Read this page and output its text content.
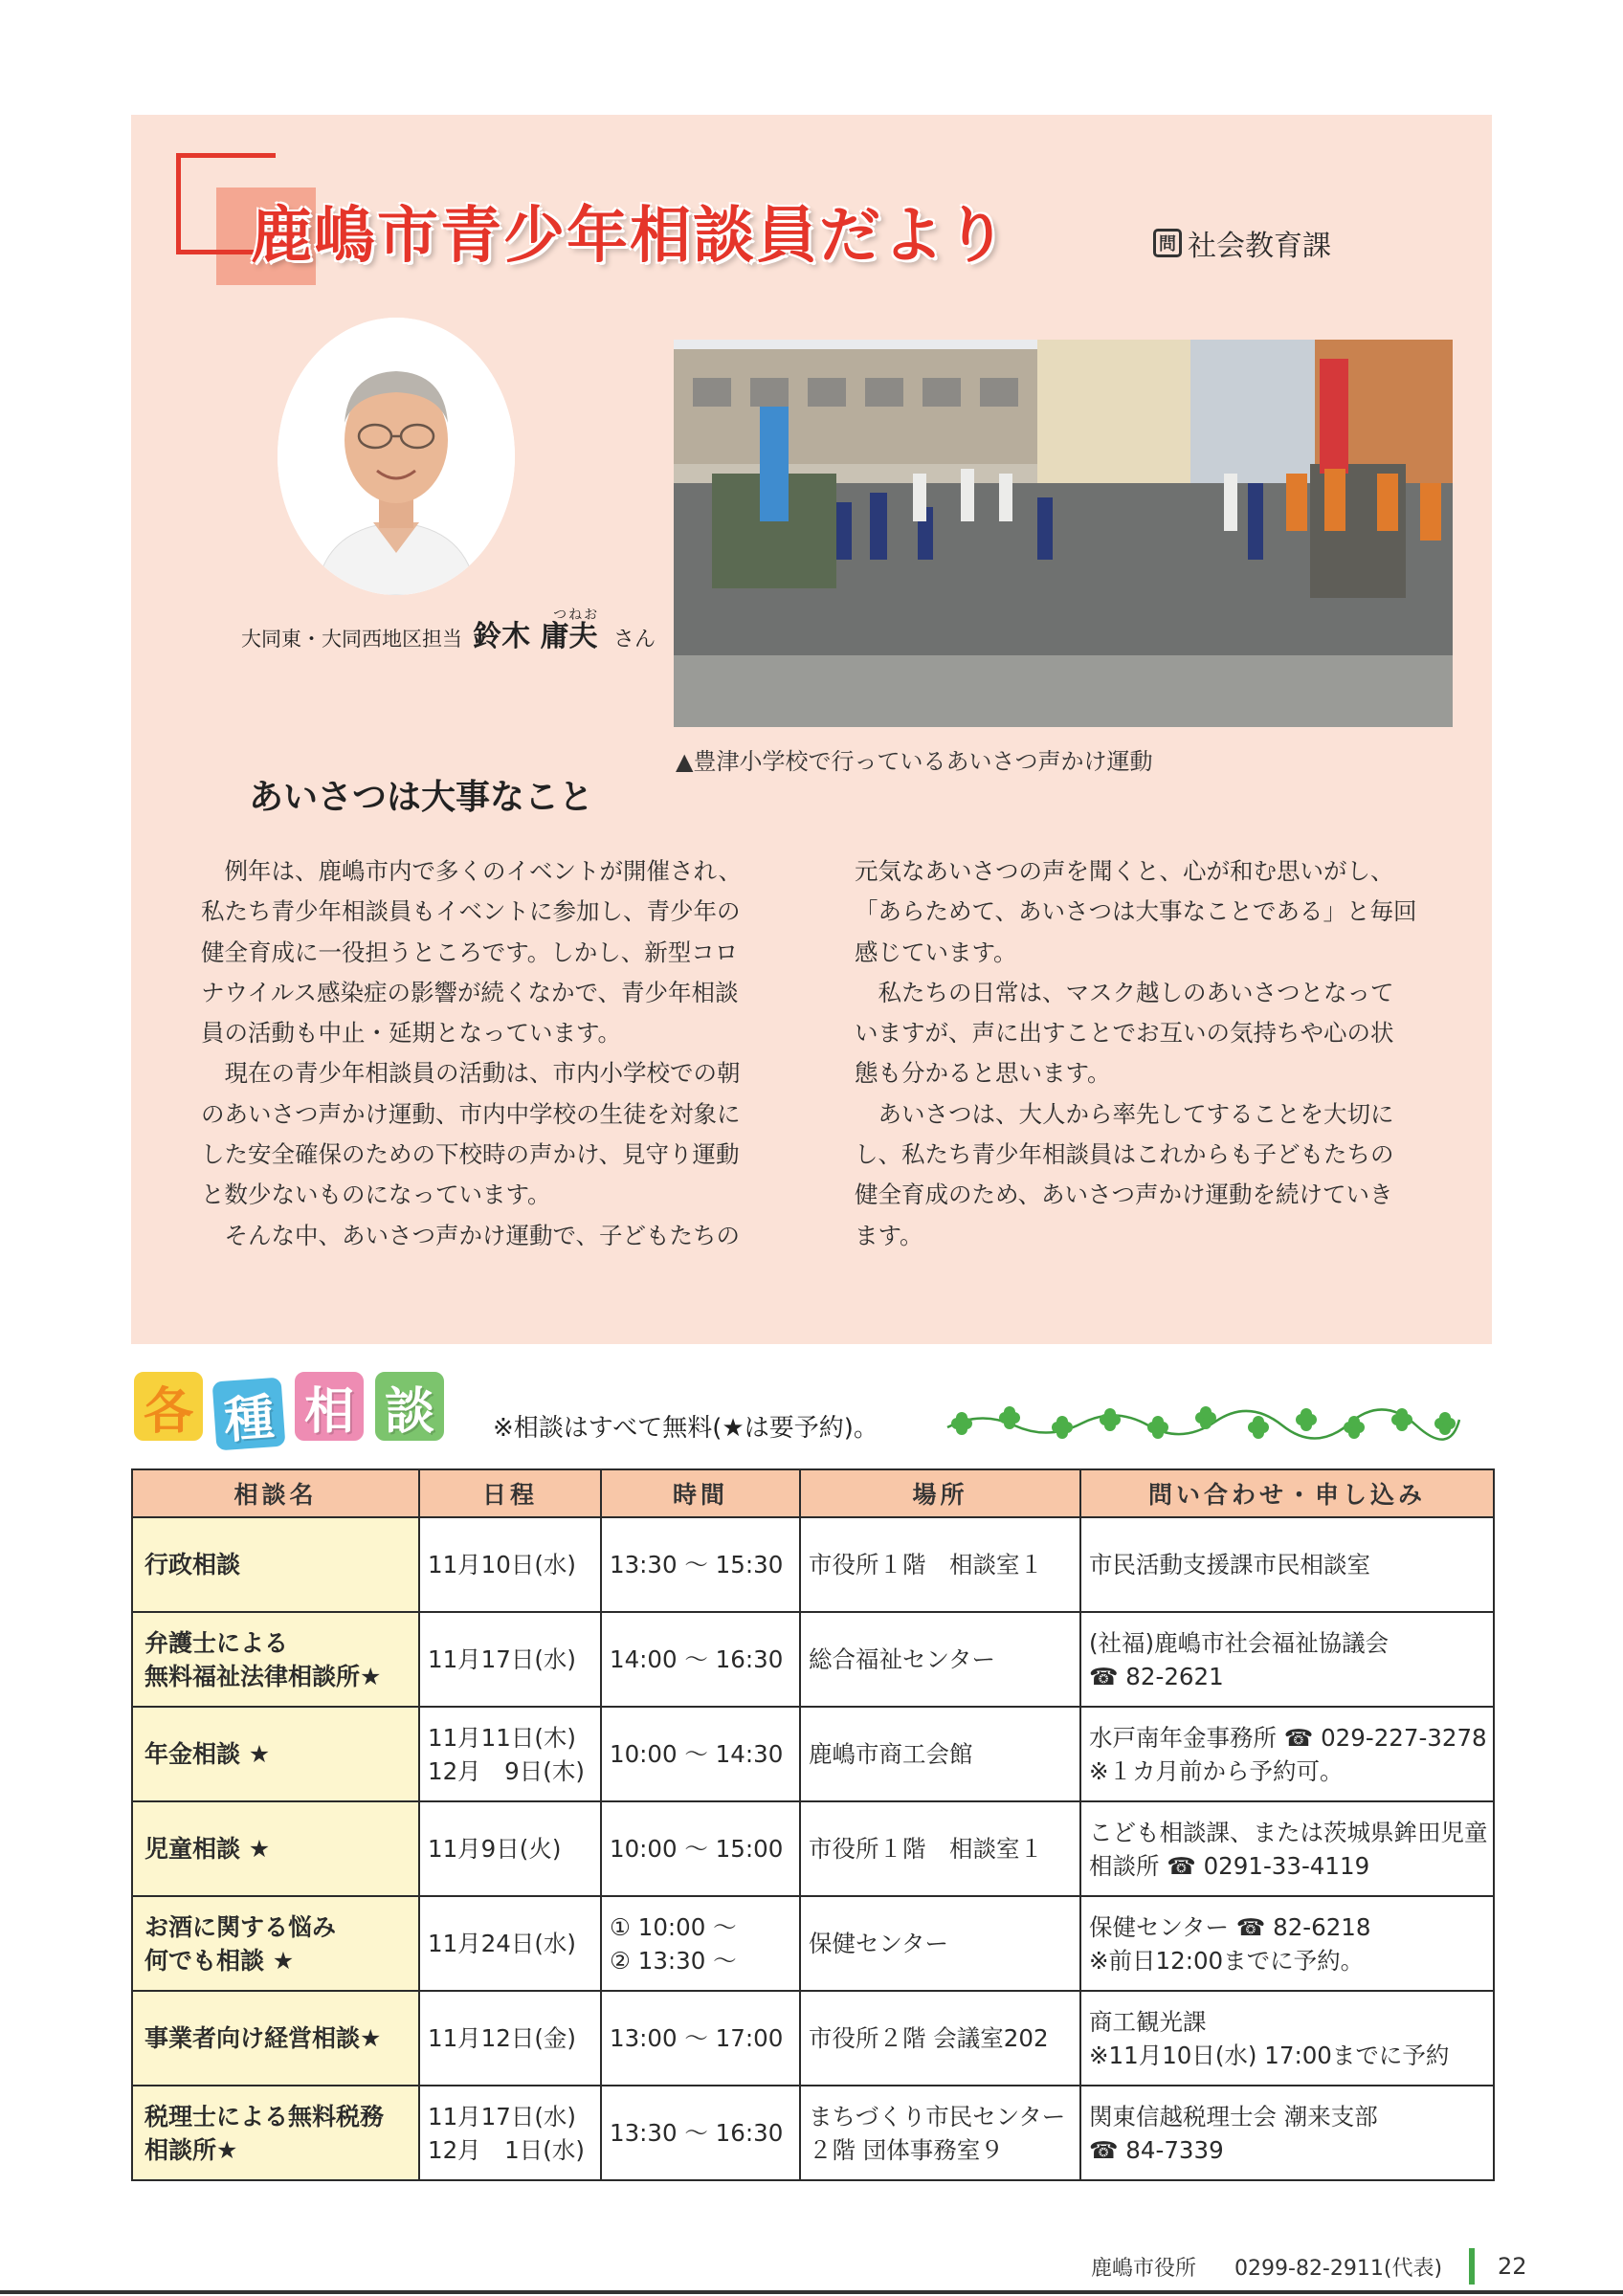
鹿嶋市青少年相談員だより	問 社会教育課
大同東・大同西地区担当
つねお
鈴木 庸夫 さん
▲豊津小学校で行っているあいさつ声かけ運動
あいさつは大事なこと

　例年は、鹿嶋市内で多くのイベントが開催され、

私たち青少年相談員もイベントに参加し、青少年の

健全育成に一役担うところです。しかし、新型コロ

ナウイルス感染症の影響が続くなかで、青少年相談

員の活動も中止・延期となっています。

　現在の青少年相談員の活動は、市内小学校での朝

のあいさつ声かけ運動、市内中学校の生徒を対象に

した安全確保のための下校時の声かけ、見守り運動

と数少ないものになっています。

　そんな中、あいさつ声かけ運動で、子どもたちの

元気なあいさつの声を聞くと、心が和む思いがし、

「あらためて、あいさつは大事なことである」と毎回

感じています。

　私たちの日常は、マスク越しのあいさつとなって

いますが、声に出すことでお互いの気持ちや心の状

態も分かると思います。

　あいさつは、大人から率先してすることを大切に

し、私たち青少年相談員はこれからも子どもたちの

健全育成のため、あいさつ声かけ運動を続けていき

ます。

各 種 相 談	※相談はすべて無料(★は要予約)。
相談名	日程	時間	場所	問い合わせ・申し込み

行政相談	11月10日(水)	13:30 ～ 15:30	市役所１階　相談室１	市民活動支援課市民相談室

弁護士による
無料福祉法律相談所★	11月17日(水)	14:00 ～ 16:30	総合福祉センター	(社福)鹿嶋市社会福祉協議会
☎ 82-2621

年金相談 ★	11月11日(木)
12月　9日(木)	10:00 ～ 14:30	鹿嶋市商工会館	水戸南年金事務所 ☎ 029-227-3278
※１カ月前から予約可。

児童相談 ★	11月9日(火)	10:00 ～ 15:00	市役所１階　相談室１	こども相談課、または茨城県鉾田児童
相談所 ☎ 0291-33-4119

お酒に関する悩み
何でも相談 ★	11月24日(水)	① 10:00 ～
② 13:30 ～	保健センター	保健センター ☎ 82-6218
※前日12:00までに予約。

事業者向け経営相談★	11月12日(金)	13:00 ～ 17:00	市役所２階 会議室202	商工観光課
※11月10日(水) 17:00までに予約

税理士による無料税務
相談所★	11月17日(水)
12月　1日(水)	13:30 ～ 16:30	まちづくり市民センター
２階 団体事務室９	関東信越税理士会 潮来支部
☎ 84-7339
鹿嶋市役所 0299-82-2911(代表) 22
